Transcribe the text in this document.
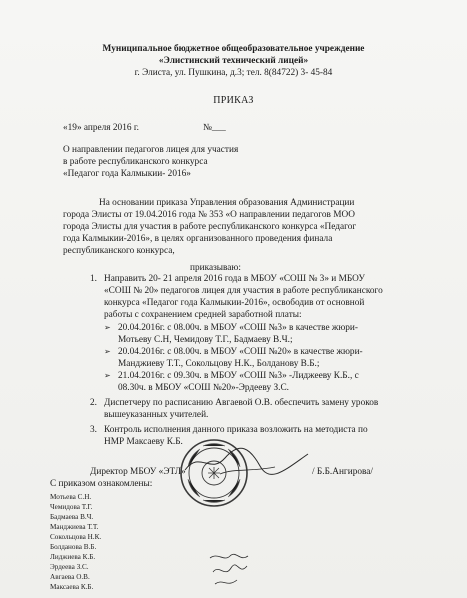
Муниципальное бюджетное общеобразовательное учреждение
«Элистинский технический лицей»
г. Элиста, ул. Пушкина, д.3; тел. 8(84722) 3- 45-84
ПРИКАЗ
«19» апреля 2016 г.	№___
О направлении педагогов лицея для участия
в работе республиканского конкурса
«Педагог года Калмыкии- 2016»
На основании приказа Управления образования Администрации
города Элисты от 19.04.2016 года № 353 «О направлении педагогов МОО
города Элисты для участия в работе республиканского конкурса «Педагог
года Калмыкии-2016», в целях организованного проведения финала
республиканского конкурса,
приказываю:
1. Направить 20- 21 апреля 2016 года в МБОУ «СОШ № 3» и МБОУ
«СОШ № 20» педагогов лицея для участия в работе республиканского
конкурса «Педагог года Калмыкии-2016», освободив от основной
работы с сохранением средней заработной платы:
➢ 20.04.2016г. с 08.00ч. в МБОУ «СОШ №3» в качестве жюри-
Мотьеву С.Н, Чемидову Т.Г., Бадмаеву В.Ч.;
➢ 20.04.2016г. с 08.00ч. в МБОУ «СОШ №20» в качестве жюри-
Манджиеву Т.Т., Сокольцову Н.К., Болданову В.Б.;
➢ 21.04.2016г. с 09.30ч. в МБОУ «СОШ №3» -Лиджееву К.Б., с
08.30ч. в МБОУ «СОШ №20»-Эрдееву З.С.
2. Диспетчеру по расписанию Авгаевой О.В. обеспечить замену уроков
вышеуказанных учителей.
3. Контроль исполнения данного приказа возложить на методиста по
НМР Максаеву К.Б.
Директор МБОУ «ЭТЛ»	/ Б.Б.Ангирова/
С приказом ознакомлены:
Мотьева С.Н.
Чемидова Т.Г.
Бадмаева В.Ч.
Манджиева Т.Т.
Сокольцова Н.К.
Болданова В.Б.
Лиджиева К.Б.
Эрдеева З.С.
Авгаева О.В.
Максаева К.Б.
